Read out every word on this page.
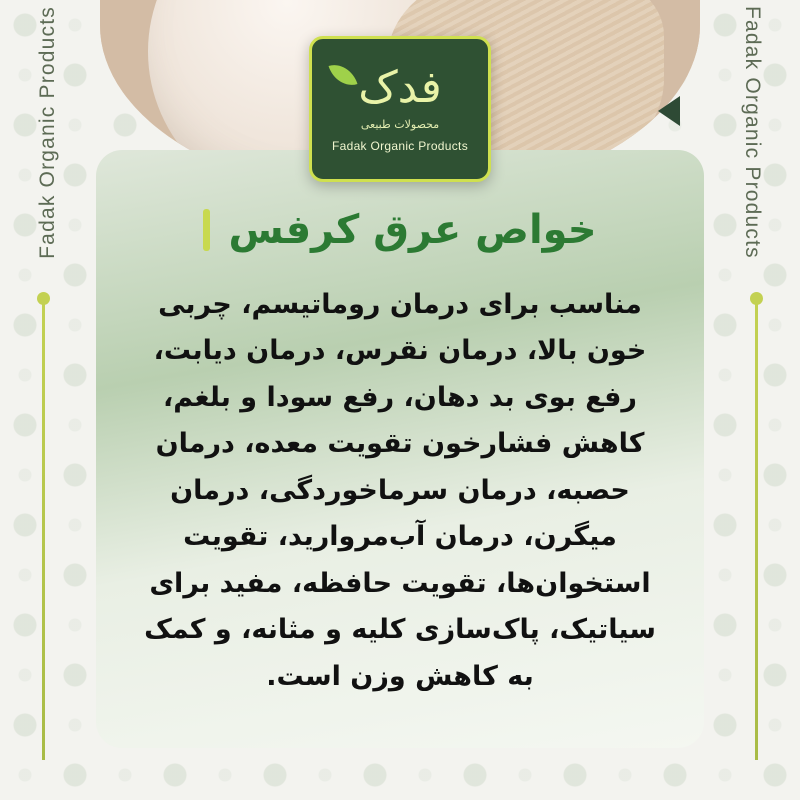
Fadak Organic Products	Fadak Organic Products
خواص عرق کرفس
مناسب برای درمان روماتیسم، چربی خون بالا، درمان نقرس، درمان دیابت، رفع بوی بد دهان، رفع سودا و بلغم، کاهش فشارخون تقویت معده، درمان حصبه، درمان سرماخوردگی، درمان میگرن، درمان آب‌مروارید، تقویت استخوان‌ها، تقویت حافظه، مفید برای سیاتیک، پاک‌سازی کلیه و مثانه، و کمک به کاهش وزن است.
فدک
محصولات طبیعی
Fadak Organic Products
